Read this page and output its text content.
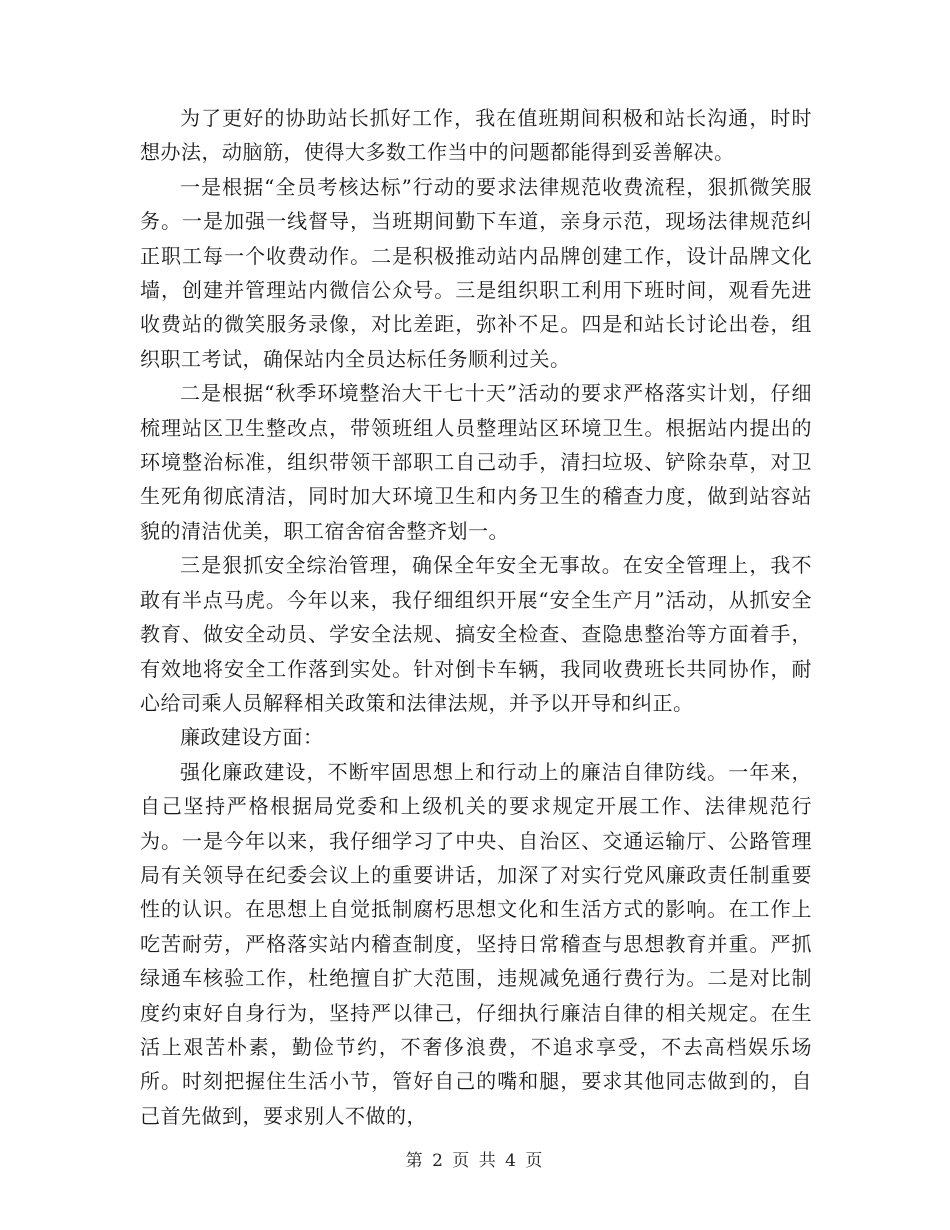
为了更好的协助站长抓好工作，我在值班期间积极和站长沟通，时时想办法，动脑筋，使得大多数工作当中的问题都能得到妥善解决。

一是根据“全员考核达标”行动的要求法律规范收费流程，狠抓微笑服务。一是加强一线督导，当班期间勤下车道，亲身示范，现场法律规范纠正职工每一个收费动作。二是积极推动站内品牌创建工作，设计品牌文化墙，创建并管理站内微信公众号。三是组织职工利用下班时间，观看先进收费站的微笑服务录像，对比差距，弥补不足。四是和站长讨论出卷，组织职工考试，确保站内全员达标任务顺利过关。

二是根据“秋季环境整治大干七十天”活动的要求严格落实计划，仔细梳理站区卫生整改点，带领班组人员整理站区环境卫生。根据站内提出的环境整治标准，组织带领干部职工自己动手，清扫垃圾、铲除杂草，对卫生死角彻底清洁，同时加大环境卫生和内务卫生的稽查力度，做到站容站貌的清洁优美，职工宿舍宿舍整齐划一。

三是狠抓安全综治管理，确保全年安全无事故。在安全管理上，我不敢有半点马虎。今年以来，我仔细组织开展“安全生产月”活动，从抓安全教育、做安全动员、学安全法规、搞安全检查、查隐患整治等方面着手，有效地将安全工作落到实处。针对倒卡车辆，我同收费班长共同协作，耐心给司乘人员解释相关政策和法律法规，并予以开导和纠正。

廉政建设方面：

强化廉政建设，不断牢固思想上和行动上的廉洁自律防线。一年来，自己坚持严格根据局党委和上级机关的要求规定开展工作、法律规范行为。一是今年以来，我仔细学习了中央、自治区、交通运输厅、公路管理局有关领导在纪委会议上的重要讲话，加深了对实行党风廉政责任制重要性的认识。在思想上自觉抵制腐朽思想文化和生活方式的影响。在工作上吃苦耐劳，严格落实站内稽查制度，坚持日常稽查与思想教育并重。严抓绿通车核验工作，杜绝擅自扩大范围，违规减免通行费行为。二是对比制度约束好自身行为，坚持严以律己，仔细执行廉洁自律的相关规定。在生活上艰苦朴素，勤俭节约，不奢侈浪费，不追求享受，不去高档娱乐场所。时刻把握住生活小节，管好自己的嘴和腿，要求其他同志做到的，自己首先做到，要求别人不做的，

第 2 页 共 4 页
